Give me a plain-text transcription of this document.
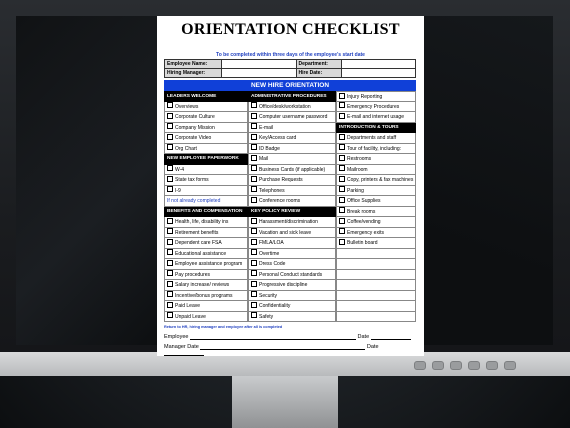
ORIENTATION CHECKLIST
To be completed within three days of the employee's start date
Employee Name:		Department:	
Hiring Manager:		Hire Date:	
NEW HIRE ORIENTATION
LEADERS WELCOME
Overviews
Corporate Culture
Company Mission
Corporate Video
Org Chart
NEW EMPLOYEE PAPERWORK
W-4
State tax forms
I-9
If not already completed
BENEFITS AND COMPENSATION
Health, life, disability ins
Retirement benefits
Dependent care FSA
Educational assistance
Employee assistance program
Pay procedures
Salary increase/ reviews
Incentive/bonus programs
Paid Leave
Unpaid Leave
ADMINISTRATIVE PROCEDURES
Office/desk/workstation
Computer username password
E-mail
Key/Access card
ID Badge
Mail
Business Cards (if applicable)
Purchase Requests
Telephones
Conference rooms
KEY POLICY REVIEW
Harassment/discrimination
Vacation and sick leave
FMLA/LOA
Overtime
Dress Code
Personal Conduct standards
Progressive discipline
Security
Confidentiality
Safety
Injury Reporting
Emergency Procedures
E-mail and internet usage
INTRODUCTION & TOURS
Departments and staff
Tour of facility, including:
Restrooms
Mailroom
Copy, printers & fax machines
Parking
Office Supplies
Break rooms
Coffee/vending
Emergency exits
Bulletin board
Return to HR, hiring manager and employee after all is completed
Employee	Date
Manager Date	Date
